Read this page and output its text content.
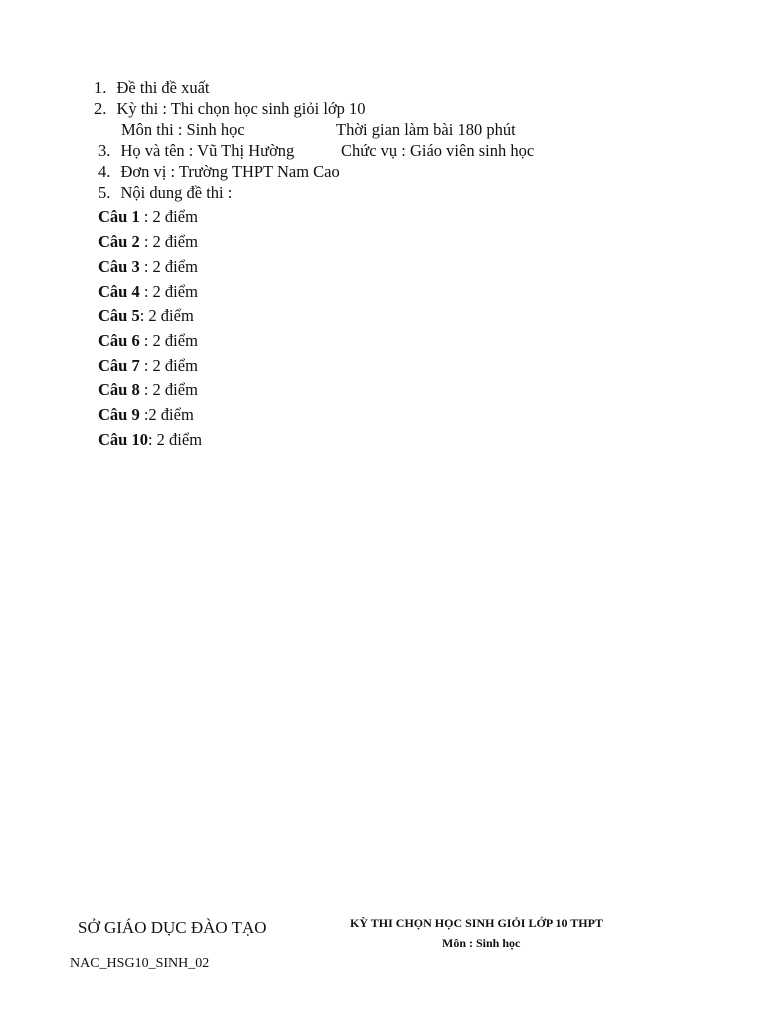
1. Đề thi đề xuất
2. Kỳ thi : Thi chọn học sinh giỏi lớp 10
Môn thi : Sinh học	Thời gian làm bài 180 phút
3. Họ và tên : Vũ Thị Hường	Chức vụ : Giáo viên sinh học
4. Đơn vị : Trường THPT Nam Cao
5. Nội dung đề thi :
Câu 1 : 2 điểm
Câu 2 : 2 điểm
Câu 3 : 2 điểm
Câu 4 : 2 điểm
Câu 5: 2 điểm
Câu 6 : 2 điểm
Câu 7 : 2 điểm
Câu 8 : 2 điểm
Câu 9 :2 điểm
Câu 10: 2 điểm
SỞ GIÁO DỤC ĐÀO TẠO
NAC_HSG10_SINH_02
KỲ THI CHỌN HỌC SINH GIỎI LỚP 10 THPT
Môn : Sinh học
